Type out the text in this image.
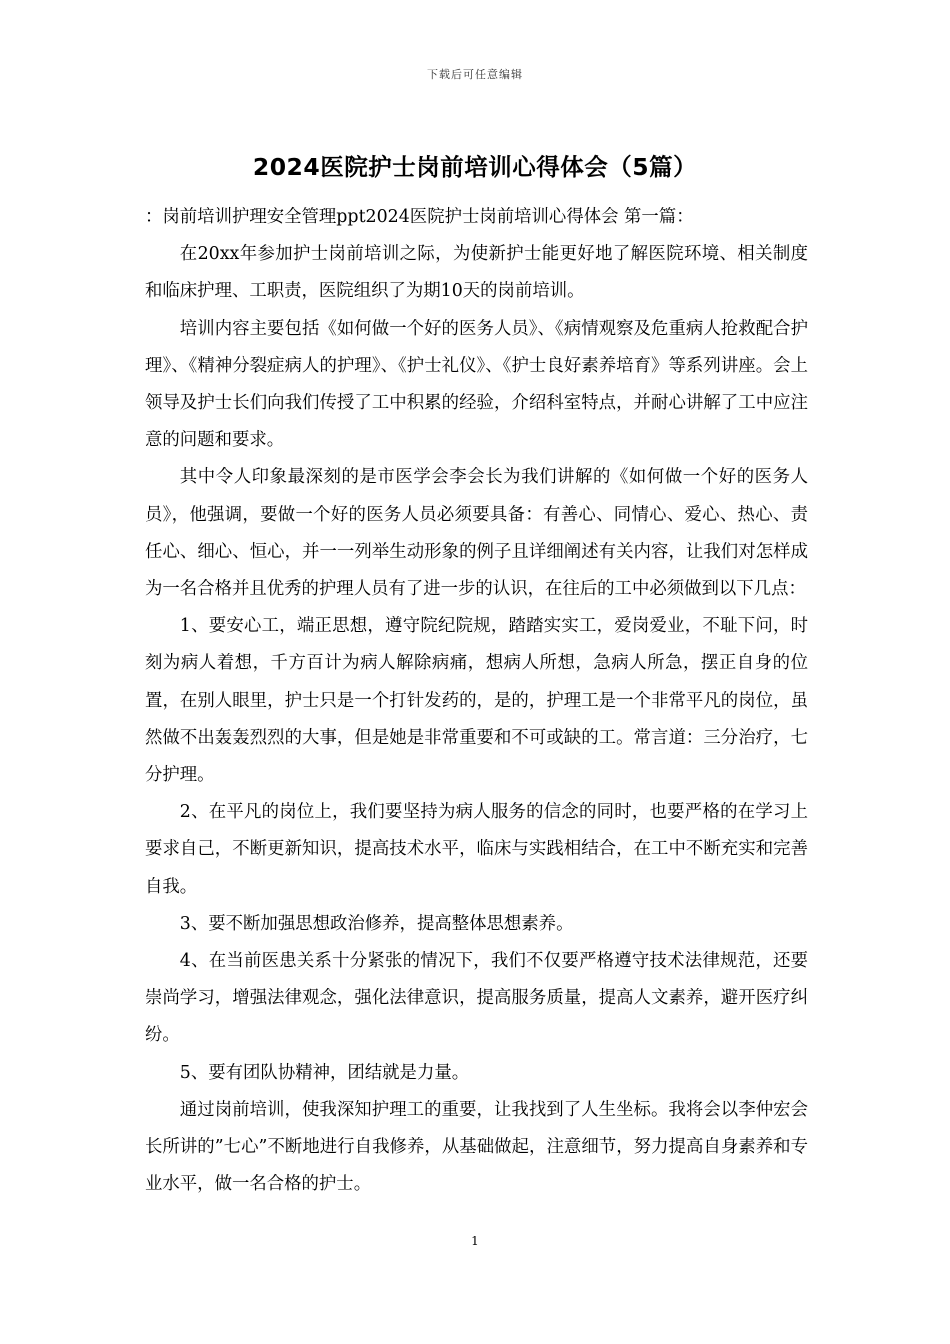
下载后可任意编辑
2024医院护士岗前培训心得体会（5篇）

：岗前培训护理安全管理ppt2024医院护士岗前培训心得体会 第一篇：

在20xx年参加护士岗前培训之际，为使新护士能更好地了解医院环境、相关制度和临床护理、工职责，医院组织了为期10天的岗前培训。

培训内容主要包括《如何做一个好的医务人员》、《病情观察及危重病人抢救配合护理》、《精神分裂症病人的护理》、《护士礼仪》、《护士良好素养培育》等系列讲座。会上领导及护士长们向我们传授了工中积累的经验，介绍科室特点，并耐心讲解了工中应注意的问题和要求。

其中令人印象最深刻的是市医学会李会长为我们讲解的《如何做一个好的医务人员》，他强调，要做一个好的医务人员必须要具备：有善心、同情心、爱心、热心、责任心、细心、恒心，并一一列举生动形象的例子且详细阐述有关内容，让我们对怎样成为一名合格并且优秀的护理人员有了进一步的认识，在往后的工中必须做到以下几点：

1、要安心工，端正思想，遵守院纪院规，踏踏实实工，爱岗爱业，不耻下问，时刻为病人着想，千方百计为病人解除病痛，想病人所想，急病人所急，摆正自身的位置，在别人眼里，护士只是一个打针发药的，是的，护理工是一个非常平凡的岗位，虽然做不出轰轰烈烈的大事，但是她是非常重要和不可或缺的工。常言道：三分治疗，七分护理。

2、在平凡的岗位上，我们要坚持为病人服务的信念的同时，也要严格的在学习上要求自己，不断更新知识，提高技术水平，临床与实践相结合，在工中不断充实和完善自我。

3、要不断加强思想政治修养，提高整体思想素养。

4、在当前医患关系十分紧张的情况下，我们不仅要严格遵守技术法律规范，还要崇尚学习，增强法律观念，强化法律意识，提高服务质量，提高人文素养，避开医疗纠纷。

5、要有团队协精神，团结就是力量。

通过岗前培训，使我深知护理工的重要，让我找到了人生坐标。我将会以李仲宏会长所讲的”七心”不断地进行自我修养，从基础做起，注意细节，努力提高自身素养和专业水平，做一名合格的护士。

1
